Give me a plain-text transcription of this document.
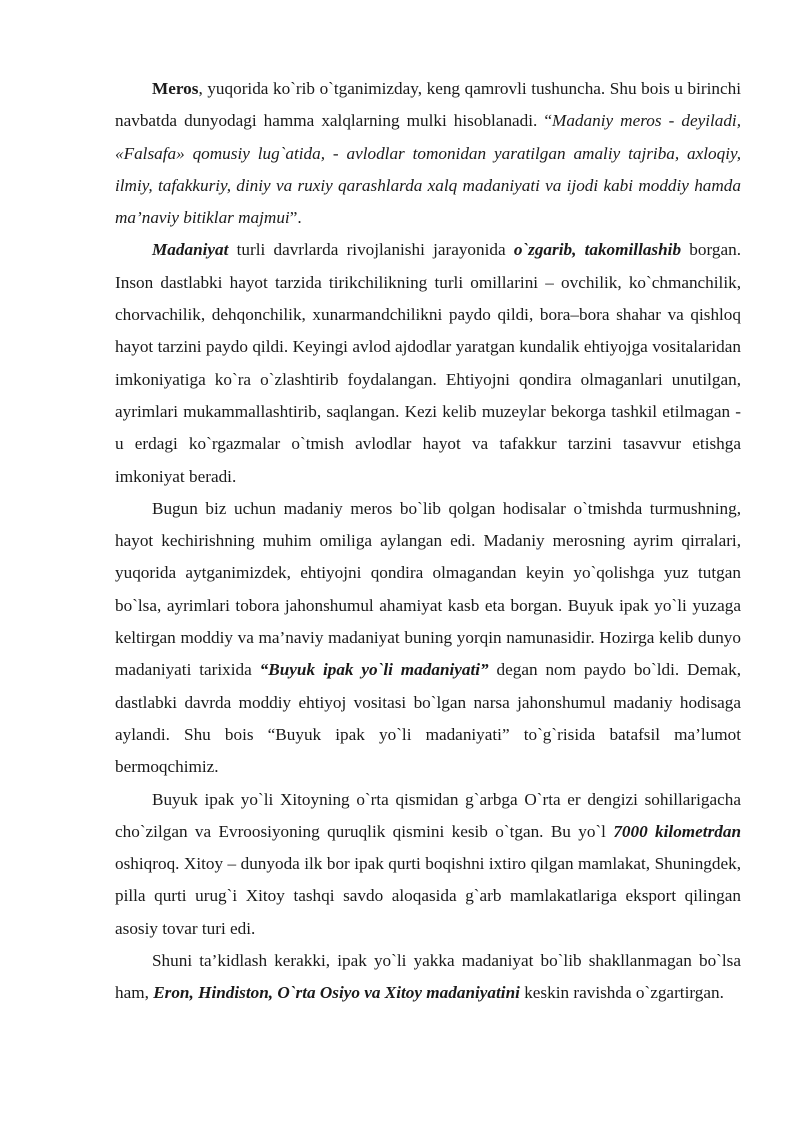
Meros, yuqorida ko`rib o`tganimizday, keng qamrovli tushuncha. Shu bois u birinchi navbatda dunyodagi hamma xalqlarning mulki hisoblanadi. “Madaniy meros - deyiladi, «Falsafa» qomusiy lug`atida, - avlodlar tomonidan yaratilgan amaliy tajriba, axloqiy, ilmiy, tafakkuriy, diniy va ruxiy qarashlarda xalq madaniyati va ijodi kabi moddiy hamda ma’naviy bitiklar majmui”.

Madaniyat turli davrlarda rivojlanishi jarayonida o`zgarib, takomillashib borgan. Inson dastlabki hayot tarzida tirikchilikning turli omillarini – ovchilik, ko`chmanchilik, chorvachilik, dehqonchilik, xunarmandchilikni paydo qildi, bora–bora shahar va qishloq hayot tarzini paydo qildi. Keyingi avlod ajdodlar yaratgan kundalik ehtiyojga vositalaridan imkoniyatiga ko`ra o`zlashtirib foydalangan. Ehtiyojni qondira olmaganlari unutilgan, ayrimlari mukammallashtirib, saqlangan. Kezi kelib muzeylar bekorga tashkil etilmagan - u erdagi ko`rgazmalar o`tmish avlodlar hayot va tafakkur tarzini tasavvur etishga imkoniyat beradi.

Bugun biz uchun madaniy meros bo`lib qolgan hodisalar o`tmishda turmushning, hayot kechirishning muhim omiliga aylangan edi. Madaniy merosning ayrim qirralari, yuqorida aytganimizdek, ehtiyojni qondira olmagandan keyin yo`qolishga yuz tutgan bo`lsa, ayrimlari tobora jahonshumul ahamiyat kasb eta borgan. Buyuk ipak yo`li yuzaga keltirgan moddiy va ma’naviy madaniyat buning yorqin namunasidir. Hozirga kelib dunyo madaniyati tarixida “Buyuk ipak yo`li madaniyati” degan nom paydo bo`ldi. Demak, dastlabki davrda moddiy ehtiyoj vositasi bo`lgan narsa jahonshumul madaniy hodisaga aylandi. Shu bois “Buyuk ipak yo`li madaniyati” to`g`risida batafsil ma’lumot bermoqchimiz.

Buyuk ipak yo`li Xitoyning o`rta qismidan g`arbga O`rta er dengizi sohillarigacha cho`zilgan va Evroosiyoning quruqlik qismini kesib o`tgan. Bu yo`l 7000 kilometrdan oshiqroq. Xitoy – dunyoda ilk bor ipak qurti boqishni ixtiro qilgan mamlakat, Shuningdek, pilla qurti urug`i Xitoy tashqi savdo aloqasida g`arb mamlakatlariga eksport qilingan asosiy tovar turi edi.

Shuni ta’kidlash kerakki, ipak yo`li yakka madaniyat bo`lib shakllanmagan bo`lsa ham, Eron, Hindiston, O`rta Osiyo va Xitoy madaniyatini keskin ravishda o`zgartirgan.
